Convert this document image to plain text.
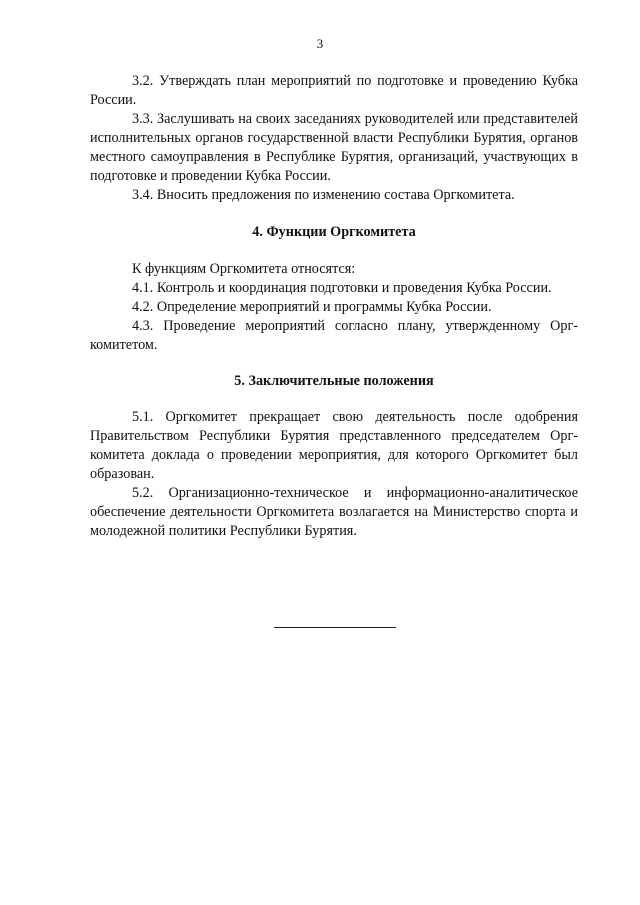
3

3.2. Утверждать план мероприятий по подготовке и проведению Кубка России.

3.3. Заслушивать на своих заседаниях руководителей или представителей исполнительных органов государственной власти Республики Бурятия, органов местного самоуправления в Республике Бурятия, организаций, участвующих в подготовке и проведении Кубка России.

3.4. Вносить предложения по изменению состава Оргкомитета.

4. Функции Оргкомитета

К функциям Оргкомитета относятся:

4.1. Контроль и координация подготовки и проведения Кубка России.

4.2. Определение мероприятий и программы Кубка России.

4.3. Проведение мероприятий согласно плану, утвержденному Оргкомитетом.

5. Заключительные положения

5.1. Оргкомитет прекращает свою деятельность после одобрения Правительством Республики Бурятия представленного председателем Оргкомитета доклада о проведении мероприятия, для которого Оргкомитет был образован.

5.2. Организационно-техническое и информационно-аналитическое обеспечение деятельности Оргкомитета возлагается на Министерство спорта и молодежной политики Республики Бурятия.
